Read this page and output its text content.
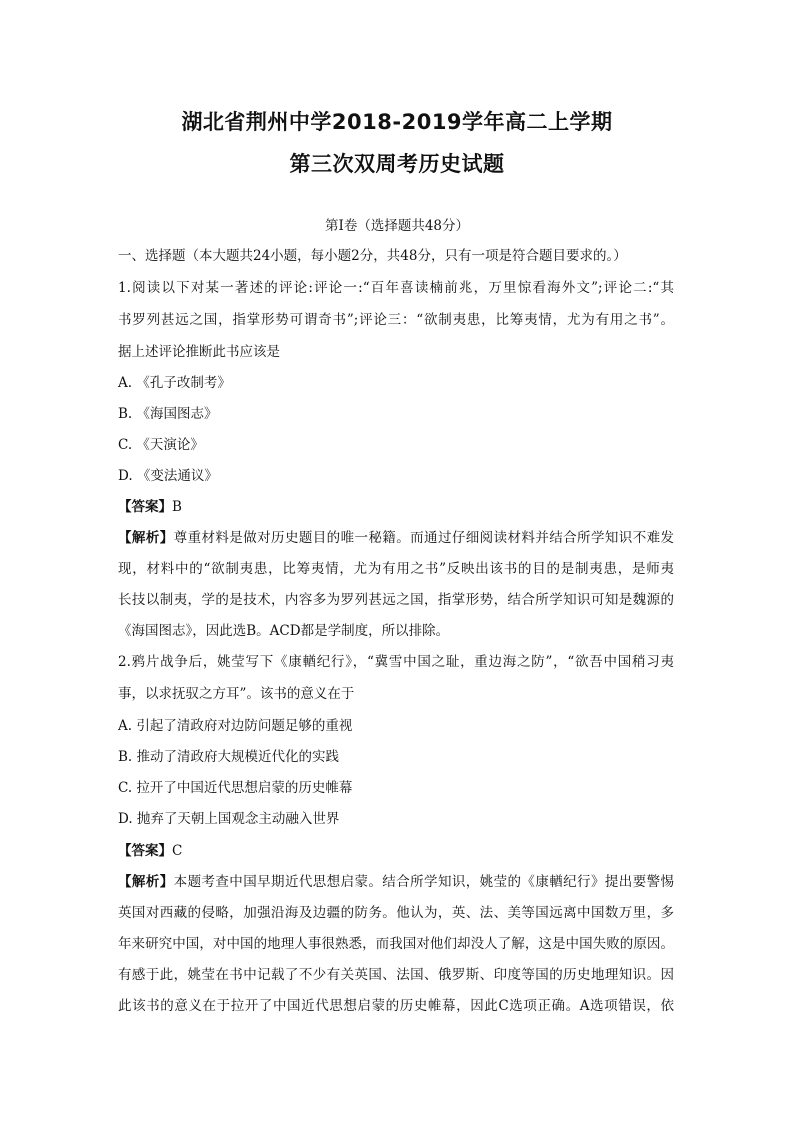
湖北省荆州中学2018-2019学年高二上学期
第三次双周考历史试题
第Ⅰ卷（选择题共48分）
一、选择题（本大题共24小题，每小题2分，共48分，只有一项是符合题目要求的。）
1.阅读以下对某一著述的评论:评论一:“百年喜读楠前兆，万里惊看海外文”;评论二:“其
书罗列甚远之国，指掌形势可谓奇书”;评论三：“欲制夷患，比筹夷情，尤为有用之书”。
据上述评论推断此书应该是
A. 《孔子改制考》
B. 《海国图志》
C. 《天演论》
D. 《变法通议》
【答案】B
【解析】尊重材料是做对历史题目的唯一秘籍。而通过仔细阅读材料并结合所学知识不难发
现，材料中的“欲制夷患，比筹夷情，尤为有用之书”反映出该书的目的是制夷患，是师夷
长技以制夷，学的是技术，内容多为罗列甚远之国，指掌形势，结合所学知识可知是魏源的
《海国图志》，因此选B。ACD都是学制度，所以排除。
2.鸦片战争后，姚莹写下《康輶纪行》，“冀雪中国之耻，重边海之防”，“欲吾中国稍习夷
事，以求抚驭之方耳”。该书的意义在于
A. 引起了清政府对边防问题足够的重视
B. 推动了清政府大规模近代化的实践
C. 拉开了中国近代思想启蒙的历史帷幕
D. 抛弃了天朝上国观念主动融入世界
【答案】C
【解析】本题考查中国早期近代思想启蒙。结合所学知识，姚莹的《康輶纪行》提出要警惕
英国对西藏的侵略，加强沿海及边疆的防务。他认为，英、法、美等国远离中国数万里，多
年来研究中国，对中国的地理人事很熟悉，而我国对他们却没人了解，这是中国失败的原因。
有感于此，姚莹在书中记载了不少有关英国、法国、俄罗斯、印度等国的历史地理知识。因
此该书的意义在于拉开了中国近代思想启蒙的历史帷幕，因此C选项正确。A选项错误，依
